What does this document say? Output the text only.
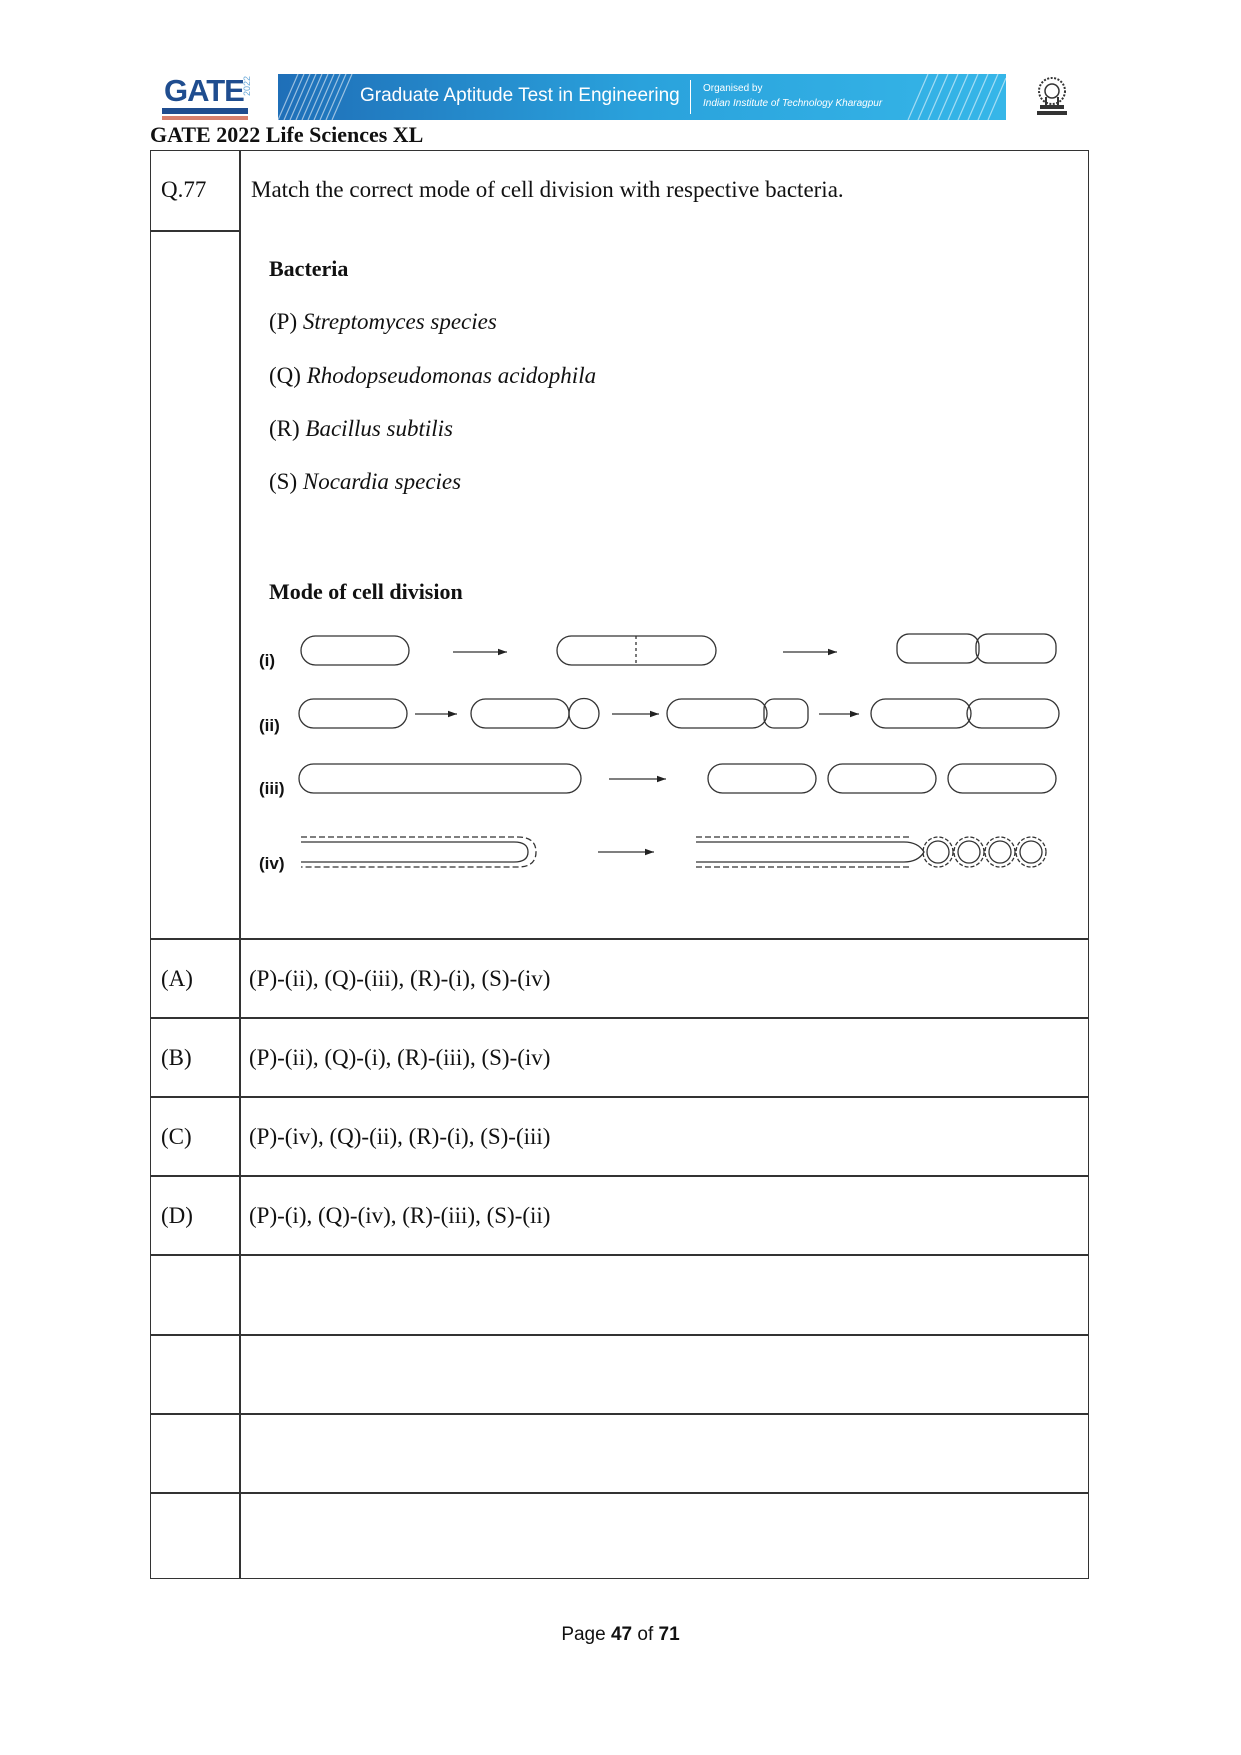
GATE
2022	Graduate Aptitude Test in Engineering Organised by
Indian Institute of Technology Kharagpur
GATE 2022 Life Sciences XL
Q.77 Match the correct mode of cell division with respective bacteria.
Bacteria
(P) Streptomyces species
(Q) Rhodopseudomonas acidophila
(R) Bacillus subtilis
(S) Nocardia species
Mode of cell division
(i)
(ii)
(iii)
(iv)
(A) (P)-(ii), (Q)-(iii), (R)-(i), (S)-(iv)
(B) (P)-(ii), (Q)-(i), (R)-(iii), (S)-(iv)
(C) (P)-(iv), (Q)-(ii), (R)-(i), (S)-(iii)
(D) (P)-(i), (Q)-(iv), (R)-(iii), (S)-(ii)
Page 47 of 71
